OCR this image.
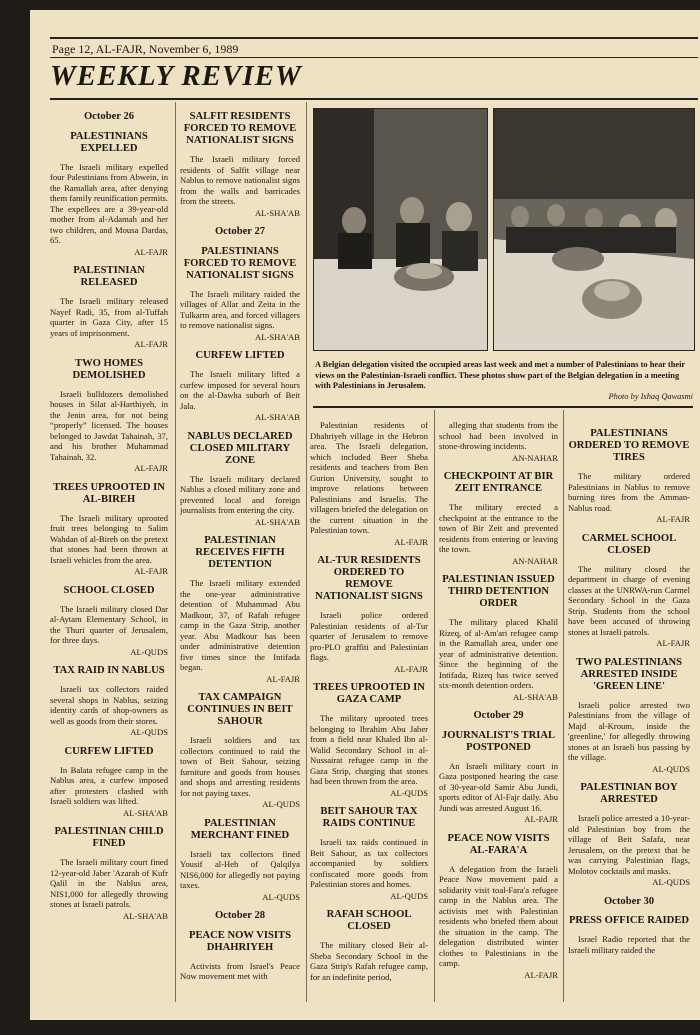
Page 12, AL-FAJR, November 6, 1989
WEEKLY REVIEW
A Belgian delegation visited the occupied areas last week and met a number of Palestinians to hear their views on the Palestinian-Israeli conflict. These photos show part of the Belgian delegation in a meeting with Palestinians in Jerusalem.
Photo by Ishaq Qawasmi
October 26
PALESTINIANS EXPELLED

The Israeli military expelled four Palestinians from Abwein, in the Ramallah area, after denying them family reunification permits. The expellees are a 39-year-old mother from al-Adamah and her two children, and Mousa Dardas, 65.

AL-FAJR
PALESTINIAN RELEASED

The Israeli military released Nayef Radi, 35, from al-Tuffah quarter in Gaza City, after 15 years of imprisonment.

AL-FAJR
TWO HOMES DEMOLISHED

Israeli bulldozers demolished houses in Silat al-Harthiyeh, in the Jenin area, for not being “properly” licensed. The houses belonged to Jawdat Tahainah, 37, and his brother Muhammad Tahainah, 32.

AL-FAJR
TREES UPROOTED IN AL-BIREH

The Israeli military uprooted fruit trees belonging to Salim Wahdan of al-Bireh on the pretext that stones had been thrown at Israeli vehicles from the area.

AL-FAJR
SCHOOL CLOSED

The Israeli military closed Dar al-Aytam Elementary School, in the Thuri quarter of Jerusalem, for three days.

AL-QUDS
TAX RAID IN NABLUS

Israeli tax collectors raided several shops in Nablus, seizing identity cards of shop-owners as well as goods from their stores.

AL-QUDS
CURFEW LIFTED

In Balata refugee camp in the Nablus area, a curfew imposed after protesters clashed with Israeli soldiers was lifted.

AL-SHA'AB
PALESTINIAN CHILD FINED

The Israeli military court fined 12-year-old Jaber 'Azarah of Kufr Qalil in the Nablus area, NIS1,000 for allegedly throwing stones at Israeli patrols.

AL-SHA'AB
SALFIT RESIDENTS FORCED TO REMOVE NATIONALIST SIGNS

The Israeli military forced residents of Salfit village near Nablus to remove nationalist signs from the walls and barricades from the streets.

AL-SHA'AB
October 27
PALESTINIANS FORCED TO REMOVE NATIONALIST SIGNS

The Israeli military raided the villages of Allar and Zeita in the Tulkarm area, and forced villagers to remove nationalist signs.

AL-SHA'AB
CURFEW LIFTED

The Israeli military lifted a curfew imposed for several hours on the al-Dawha suburb of Beit Jala.

AL-SHA'AB
NABLUS DECLARED CLOSED MILITARY ZONE

The Israeli military declared Nablus a closed military zone and prevented local and foreign journalists from entering the city.

AL-SHA'AB
PALESTINIAN RECEIVES FIFTH DETENTION

The Israeli military extended the one-year administrative detention of Muhammad Abu Madkour, 37, of Rafah refugee camp in the Gaza Strip, another year. Abu Madkour has been under administrative detention five times since the Intifada began.

AL-FAJR
TAX CAMPAIGN CONTINUES IN BEIT SAHOUR

Israeli soldiers and tax collectors continued to raid the town of Beit Sahour, seizing furniture and goods from houses and shops and arresting residents for not paying taxes.

AL-QUDS
PALESTINIAN MERCHANT FINED

Israeli tax collectors fined Yousif al-Heh of Qalqilya NIS6,000 for allegedly not paying taxes.

AL-QUDS
October 28
PEACE NOW VISITS DHAHRIYEH

Activists from Israel's Peace Now movement met with

Palestinian residents of Dhahriyeh village in the Hebron area. The Israeli delegation, which included Beer Sheba residents and teachers from Ben Gurion University, sought to improve relations between Palestinians and Israelis. The villagers briefed the delegation on the current situation in the Palestinian town.

AL-FAJR
AL-TUR RESIDENTS ORDERED TO REMOVE NATIONALIST SIGNS

Israeli police ordered Palestinian residents of al-Tur quarter of Jerusalem to remove pro-PLO graffiti and Palestinian flags.

AL-FAJR
TREES UPROOTED IN GAZA CAMP

The military uprooted trees belonging to Ibrahim Abu Jaber from a field near Khaled Ibn al-Walid Secondary School in al-Nussairat refugee camp in the Gaza Strip, charging that stones had been thrown from the area.

AL-QUDS
BEIT SAHOUR TAX RAIDS CONTINUE

Israeli tax raids continued in Beit Sahour, as tax collectors accompanied by soldiers confiscated more goods from Palestinian stores and homes.

AL-QUDS
RAFAH SCHOOL CLOSED

The military closed Beir al-Sheba Secondary School in the Gaza Strip's Rafah refugee camp, for an indefinite period,

alleging that students from the school had been involved in stone-throwing incidents.

AN-NAHAR
CHECKPOINT AT BIR ZEIT ENTRANCE

The military erected a checkpoint at the entrance to the town of Bir Zeit and prevented residents from entering or leaving the town.

AN-NAHAR
PALESTINIAN ISSUED THIRD DETENTION ORDER

The military placed Khalil Rizeq, of al-Am'ari refugee camp in the Ramallah area, under one year of administrative detention. Since the beginning of the Intifada, Rizeq has twice served six-month detention orders.

AL-SHA'AB
October 29
JOURNALIST'S TRIAL POSTPONED

An Israeli military court in Gaza postponed hearing the case of 30-year-old Samir Abu Jundi, sports editor of Al-Fajr daily. Abu Jundi was arrested August 16.

AL-FAJR
PEACE NOW VISITS AL-FARA'A

A delegation from the Israeli Peace Now movement paid a solidarity visit toal-Fara'a refugee camp in the Nablus area. The activists met with Palestinian residents who briefed them about the situation in the camp. The delegation distributed winter clothes to Palestinians in the camp.

AL-FAJR
PALESTINIANS ORDERED TO REMOVE TIRES

The military ordered Palestinians in Nablus to remove burning tires from the Amman-Nablus road.

AL-FAJR
CARMEL SCHOOL CLOSED

The military closed the department in charge of evening classes at the UNRWA-run Carmel Secondary School in the Gaza Strip. Students from the school have been accused of throwing stones at Israeli patrols.

AL-FAJR
TWO PALESTINIANS ARRESTED INSIDE 'GREEN LINE'

Israeli police arrested two Palestinians from the village of Majd al-Kroum, inside the 'greenline,' for allegedly throwing stones at an Israeli bus passing by the village.

AL-QUDS
PALESTINIAN BOY ARRESTED

Israeli police arrested a 10-year-old Palestinian boy from the village of Beit Safafa, near Jerusalem, on the pretext that he was carrying Palestinian flags, Molotov cocktails and masks.

AL-QUDS
October 30
PRESS OFFICE RAIDED

Israel Radio reported that the Israeli military raided the
